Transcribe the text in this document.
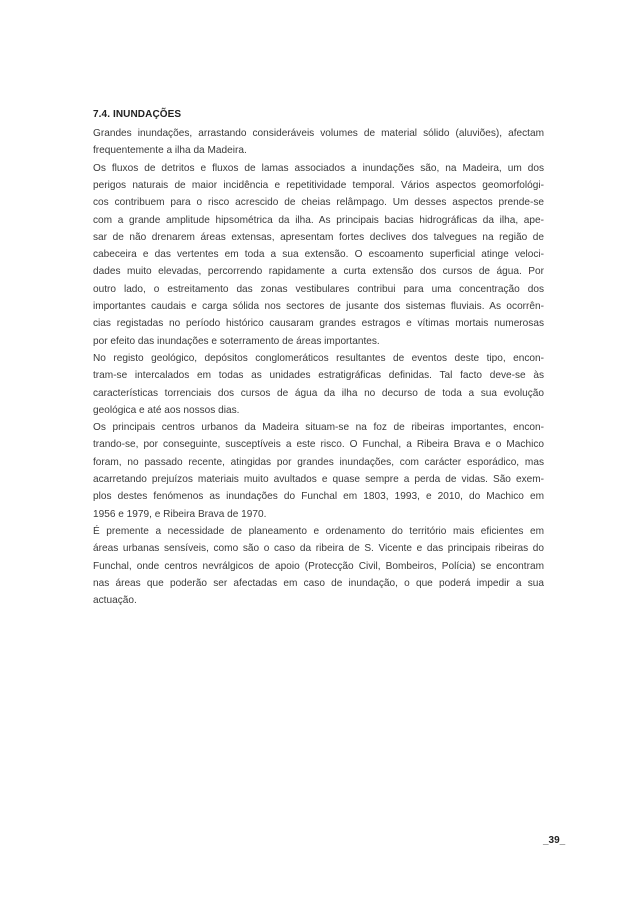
7.4. INUNDAÇÕES
Grandes inundações, arrastando consideráveis volumes de material sólido (aluviões), afectam
frequentemente a ilha da Madeira.
Os fluxos de detritos e fluxos de lamas associados a inundações são, na Madeira, um dos
perigos naturais de maior incidência e repetitividade temporal. Vários aspectos geomorfológi-
cos contribuem para o risco acrescido de cheias relâmpago. Um desses aspectos prende-se
com a grande amplitude hipsométrica da ilha. As principais bacias hidrográficas da ilha, ape-
sar de não drenarem áreas extensas, apresentam fortes declives dos talvegues na região de
cabeceira e das vertentes em toda a sua extensão. O escoamento superficial atinge veloci-
dades muito elevadas, percorrendo rapidamente a curta extensão dos cursos de água. Por
outro lado, o estreitamento das zonas vestibulares contribui para uma concentração dos
importantes caudais e carga sólida nos sectores de jusante dos sistemas fluviais. As ocorrên-
cias registadas no período histórico causaram grandes estragos e vítimas mortais numerosas
por efeito das inundações e soterramento de áreas importantes.
No registo geológico, depósitos conglomeráticos resultantes de eventos deste tipo, encon-
tram-se intercalados em todas as unidades estratigráficas definidas. Tal facto deve-se às
características torrenciais dos cursos de água da ilha no decurso de toda a sua evolução
geológica e até aos nossos dias.
Os principais centros urbanos da Madeira situam-se na foz de ribeiras importantes, encon-
trando-se, por conseguinte, susceptíveis a este risco. O Funchal, a Ribeira Brava e o Machico
foram, no passado recente, atingidas por grandes inundações, com carácter esporádico, mas
acarretando prejuízos materiais muito avultados e quase sempre a perda de vidas. São exem-
plos destes fenómenos as inundações do Funchal em 1803, 1993, e 2010, do Machico em
1956 e 1979, e Ribeira Brava de 1970.
É premente a necessidade de planeamento e ordenamento do território mais eficientes em
áreas urbanas sensíveis, como são o caso da ribeira de S. Vicente e das principais ribeiras do
Funchal, onde centros nevrálgicos de apoio (Protecção Civil, Bombeiros, Polícia) se encontram
nas áreas que poderão ser afectadas em caso de inundação, o que poderá impedir a sua
actuação.
_39_
